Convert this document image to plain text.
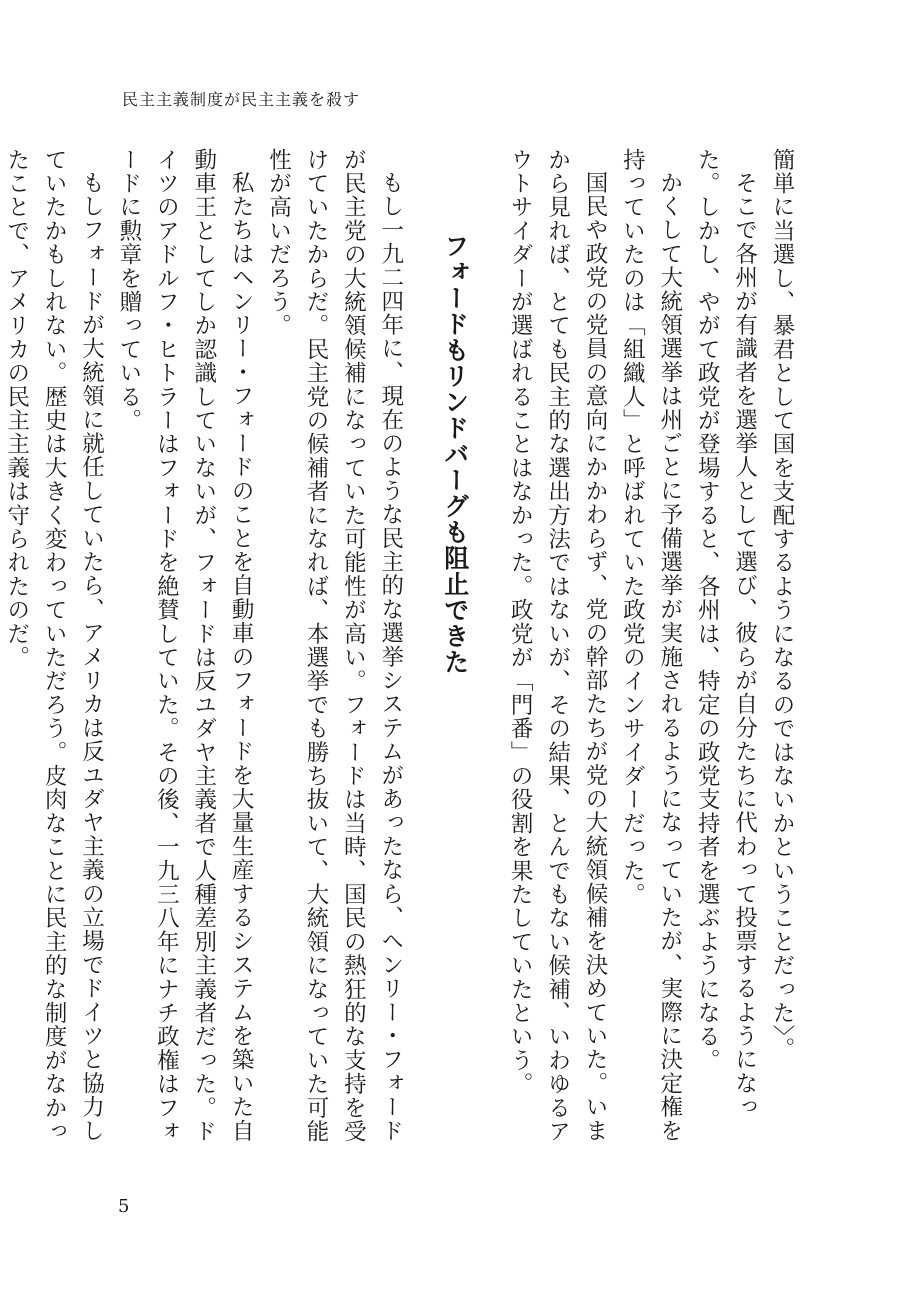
民主主義制度が民主主義を殺す

簡単に当選し、暴君として国を支配するようになるのではないかということだった〉。

そこで各州が有識者を選挙人として選び、彼らが自分たちに代わって投票するようになった。しかし、やがて政党が登場すると、各州は、特定の政党支持者を選ぶようになる。

かくして大統領選挙は州ごとに予備選挙が実施されるようになっていたが、実際に決定権を持っていたのは「組織人」と呼ばれていた政党のインサイダーだった。

国民や政党の党員の意向にかかわらず、党の幹部たちが党の大統領候補を決めていた。いまから見れば、とても民主的な選出方法ではないが、その結果、とんでもない候補、いわゆるアウトサイダーが選ばれることはなかった。政党が「門番」の役割を果たしていたという。

フォードもリンドバーグも阻止できた

もし一九二四年に、現在のような民主的な選挙システムがあったなら、ヘンリー・フォードが民主党の大統領候補になっていた可能性が高い。フォードは当時、国民の熱狂的な支持を受けていたからだ。民主党の候補者になれば、本選挙でも勝ち抜いて、大統領になっていた可能性が高いだろう。

私たちはヘンリー・フォードのことを自動車のフォードを大量生産するシステムを築いた自動車王としてしか認識していないが、フォードは反ユダヤ主義者で人種差別主義者だった。ドイツのアドルフ・ヒトラーはフォードを絶賛していた。その後、一九三八年にナチ政権はフォードに勲章を贈っている。

もしフォードが大統領に就任していたら、アメリカは反ユダヤ主義の立場でドイツと協力していたかもしれない。歴史は大きく変わっていただろう。皮肉なことに民主的な制度がなかったことで、アメリカの民主主義は守られたのだ。

5
